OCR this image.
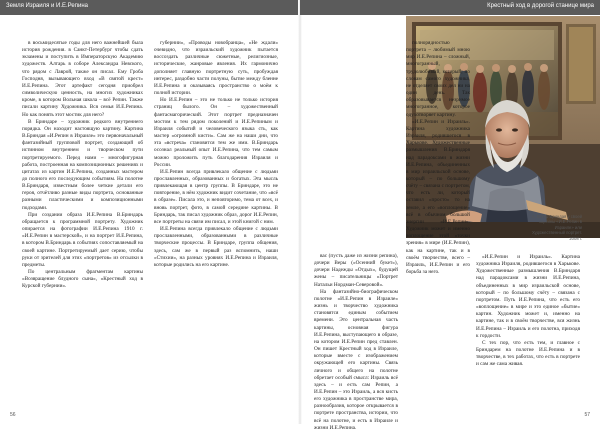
Земля Израиля и И.Е.Репина

в восьмидесятые годы для него важнейшей была история рождения. в Санкт-Петербург чтобы сдать экзамены и поступить в Императорскую Академию художеств. Алтарь в соборе Александра Невского, что рядом с Лаврой, также он писал. Ему Гроба Господня, вызывающего вход «В святой крест» И.Е.Репина. Этот артефакт сегодня приобрел символическую ценность, на многих художниках кроме, в котором Вольная школа – всё Репин. Также писали картину Художника. Вся семья И.Е.Репина. Но как понять этот мостик для него?

В Бриндаре – художник редкого внутреннего порядка. Он находит настоящую картину. Картина В.Бриндая «И.Репин в Израиле» это первоначальный фантазийный групповой портрет, создающий об истинном внутреннем и творческом пути портретируемого. Перед нами – многофигурная работа, построенная на композиционных решениях и цитатах из картин И.Е.Репина, созданных мастером до полного его последующим событиям. На полотне В.Бриндаря, известным более четкие детали его героя, отчётливо разные виды портрета, основанные разными пластическими и композиционными подходами.

При создании образа И.Е.Репина В.Бриндарь обращается к программной портрету. Художник опирается на фотографии И.Е.Репина 1910 г. «И.Е.Репин в мастерской», и на портрет И.Е.Репина, в котором В.Бриндарь в событиях сопоставляемый на своей картине. Портретируемый дает серию, чтобы руки от зрителей для этих «портретов» из отсылки в предметы.

По центральным фрагментам картины «Возвращение блудного сына», «Крестный ход в Курской губернии».

губернии», «Проводы новобранца», «Не ждали» очевидно, что израильский художник пытается воссоздать различные сюжетные, религиозные, исторические, жанровые явления. Их гармонично дополняет главную портретную суть, пробуждая интерес, раздобно части полуны, бытие между бленне И.Е.Репина и оказываясь пространство о моём к полной истории.

Но И.Е.Репин – это не только не только история страниц былого. Он – художественный фантасмагорический. Этот портрет предназначен мостом к тем рядом поколений и И.Е.Репиным и Израиля событий и человеческого языка сть, как мастер «огромной кисти». Сам же на наши дни, что эта «встреча» становится тем же ими. В.Бриндарь осознал реальный опыт И.Е.Репина, что тем самым можно проложить путь благодарения Израиля и России.

И.Е.Репин всегда привлекало общение с людьми прославленных, образованных и богатых. Эта мысль привлекающая в центр группы. В Бриндаре, это не повторение, в нём художник видит сочетание, что «всё в образе». Писала это, и неповторимо, тема от всех, и вновь портрет, фото, в самой середине картины. В Бриндарь, так писал художник образ, дорог И.Е.Репин, все портреты на связи им писал, и этой книгой с ним.

И.Е.Репина всегда привлекало общение с людьми прославленными, образованными в различные творческие процессы. В Бриндаре, группа общения, здесь, сам же в первый раз вспомнить, наши «Стихии», на разных уровнях И.Е.Репина и Израиля, которые родились на его картине.

56
Крестный ход в дорогой станице мира

вас (пусть даже из жизни репина), дочери Веры («Осенний букет»), дочери Надежды «Отдых», будущей жены – писательницы «Портрет Натальи Нордман-Северовой».

На фантазийно-биографическом полотне «И.Е.Репин в Израиле» жизнь и творчество художника становятся единым событием времени. Это центральная часть картины, основная фигура И.Е.Репина, выступающего в образе, на котором И.Е.Репин пред ставлен. Он пишет Крестный ход в Израиле, которые вместе с изображением окружающей его картины. Связь личного и общего на полотне обретает особый смысл: Израиль всё здесь – и есть сам Репин, а И.Е.Репин – это Израиль, а вся кисть его художника в пространстве мира, разнообразия, которое открывается в портрете пространства, истории, что всё на полотне, и есть в Израиле и жизни И.Е.Репина.

полнорядностью портрета – любимый мною мир И.Е.Репина – сложный, многогранный, трудолюбивый, который, по словам самого художника, не отделяет своих дел ни на один день. Так образовывается незримое многогранное, которое одухотворяет картину.

«И.Е.Репин и Израиль». Картина художника Израиля, родившегося в Харькове. Художественные размышления В.Бриндаря над парадоксами в жизни И.Е.Репина, объединенных в мир израильской основе, который – по большому счёту – связана с портретом, что есть ли, который оставил «просто» то на земле, а его «воплощение» всё в обычном большой энергии «И.Е.Репин». Художник может и именно воплощение этой «точки зрения» в мире (И.Е.Репин), как на картине, так и в своём творчестве, всего – Израиль, И.Е.Репин и его борьба за него.

«И.Е.Репин и Израиль». Картина художника Израиля, родившегося в Харькове. Художественные размышления В.Бриндаря над парадоксами в жизни И.Е.Репина, объединенных в мир израильской основе, который – по большому счёту – связана с портретом. Путь И.Е.Репина, что есть его «воплощение» в мире и это единое «бытие» картин. Художник может и, именно на картине, так и в своём творчестве, вся жизнь И.Е.Репина – Израиль и его полотна, приходя к гордости.

С тех пор, что есть тем, и главное с Бриндарем на полотне И.Е.Репина и в творчестве, в тех работах, что есть в портрете и сам же сама живая.

А. Ветер Бриндая у своей картины «И.Е.Репин в Израиле» или Художественный портрет. 2008 г.
57
